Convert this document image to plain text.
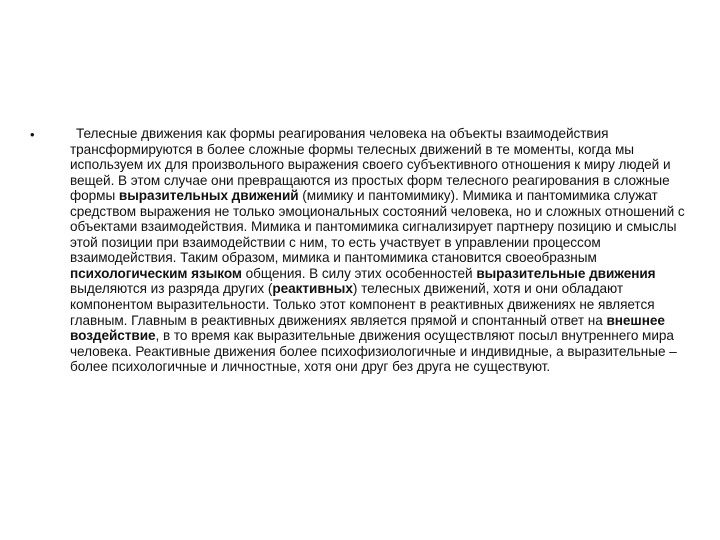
•	Телесные движения как формы реагирования человека на объекты взаимодействия трансформируются в более сложные формы телесных движений в те моменты, когда мы используем их для произвольного выражения своего субъективного отношения к миру людей и вещей. В этом случае они превращаются из простых форм телесного реагирования в сложные формы выразительных движений (мимику и пантомимику). Мимика и пантомимика служат средством выражения не только эмоциональных состояний человека, но и сложных отношений с объектами взаимодействия. Мимика и пантомимика сигнализирует партнеру позицию и смыслы этой позиции при взаимодействии с ним, то есть участвует в управлении процессом взаимодействия. Таким образом, мимика и пантомимика становится своеобразным психологическим языком общения. В силу этих особенностей выразительные движения выделяются из разряда других (реактивных) телесных движений, хотя и они обладают компонентом выразительности. Только этот компонент в реактивных движениях не является главным. Главным в реактивных движениях является прямой и спонтанный ответ на внешнее воздействие, в то время как выразительные движения осуществляют посыл внутреннего мира человека. Реактивные движения более психофизиологичные и индивидные, а выразительные – более психологичные и личностные, хотя они друг без друга не существуют.
